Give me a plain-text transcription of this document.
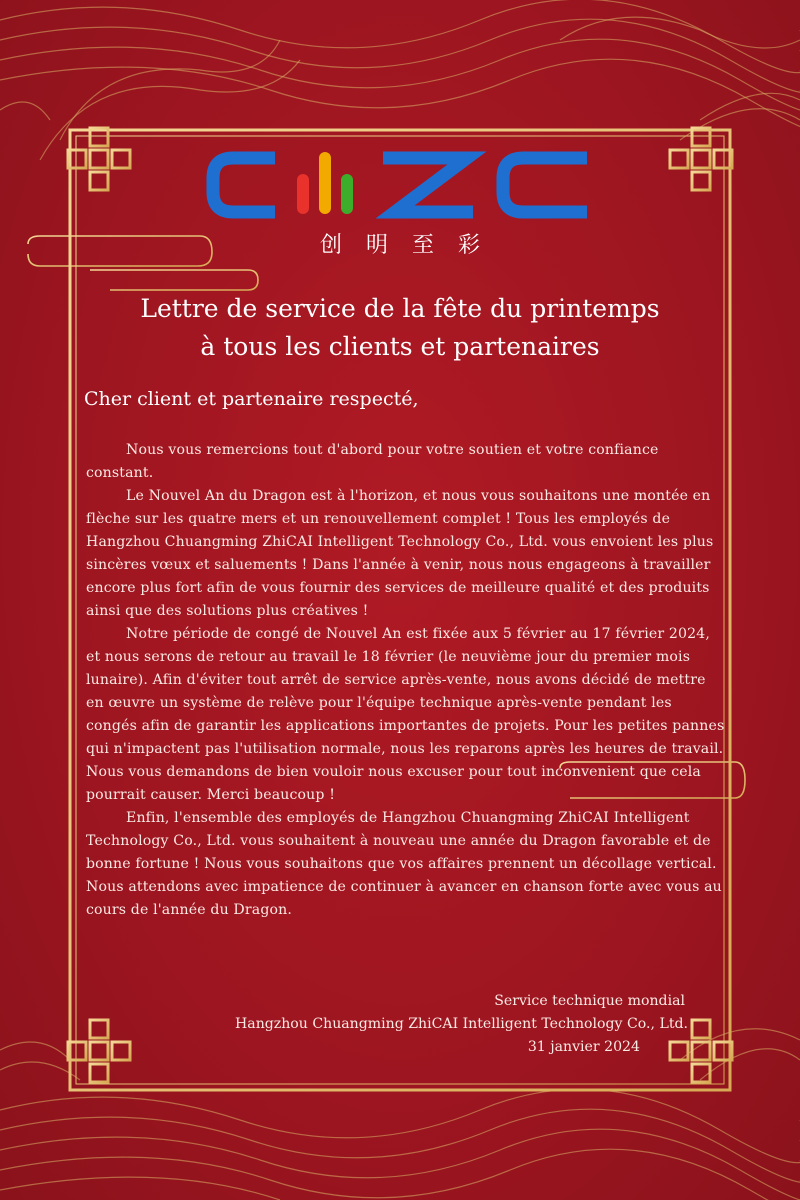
创明至彩
Lettre de service de la fête du printemps
à tous les clients et partenaires

Cher client et partenaire respecté,

Nous vous remercions tout d'abord pour votre soutien et votre confiance constant.

Le Nouvel An du Dragon est à l'horizon, et nous vous souhaitons une montée en flèche sur les quatre mers et un renouvellement complet ! Tous les employés de Hangzhou Chuangming ZhiCAI Intelligent Technology Co., Ltd. vous envoient les plus sincères vœux et saluements ! Dans l'année à venir, nous nous engageons à travailler encore plus fort afin de vous fournir des services de meilleure qualité et des produits ainsi que des solutions plus créatives !

Notre période de congé de Nouvel An est fixée aux 5 février au 17 février 2024, et nous serons de retour au travail le 18 février (le neuvième jour du premier mois lunaire). Afin d'éviter tout arrêt de service après-vente, nous avons décidé de mettre en œuvre un système de relève pour l'équipe technique après-vente pendant les congés afin de garantir les applications importantes de projets. Pour les petites pannes qui n'impactent pas l'utilisation normale, nous les reparons après les heures de travail. Nous vous demandons de bien vouloir nous excuser pour tout inconvenient que cela pourrait causer. Merci beaucoup !

Enfin, l'ensemble des employés de Hangzhou Chuangming ZhiCAI Intelligent Technology Co., Ltd. vous souhaitent à nouveau une année du Dragon favorable et de bonne fortune ! Nous vous souhaitons que vos affaires prennent un décollage vertical. Nous attendons avec impatience de continuer à avancer en chanson forte avec vous au cours de l'année du Dragon.

Service technique mondial
Hangzhou Chuangming ZhiCAI Intelligent Technology Co., Ltd.
31 janvier 2024
